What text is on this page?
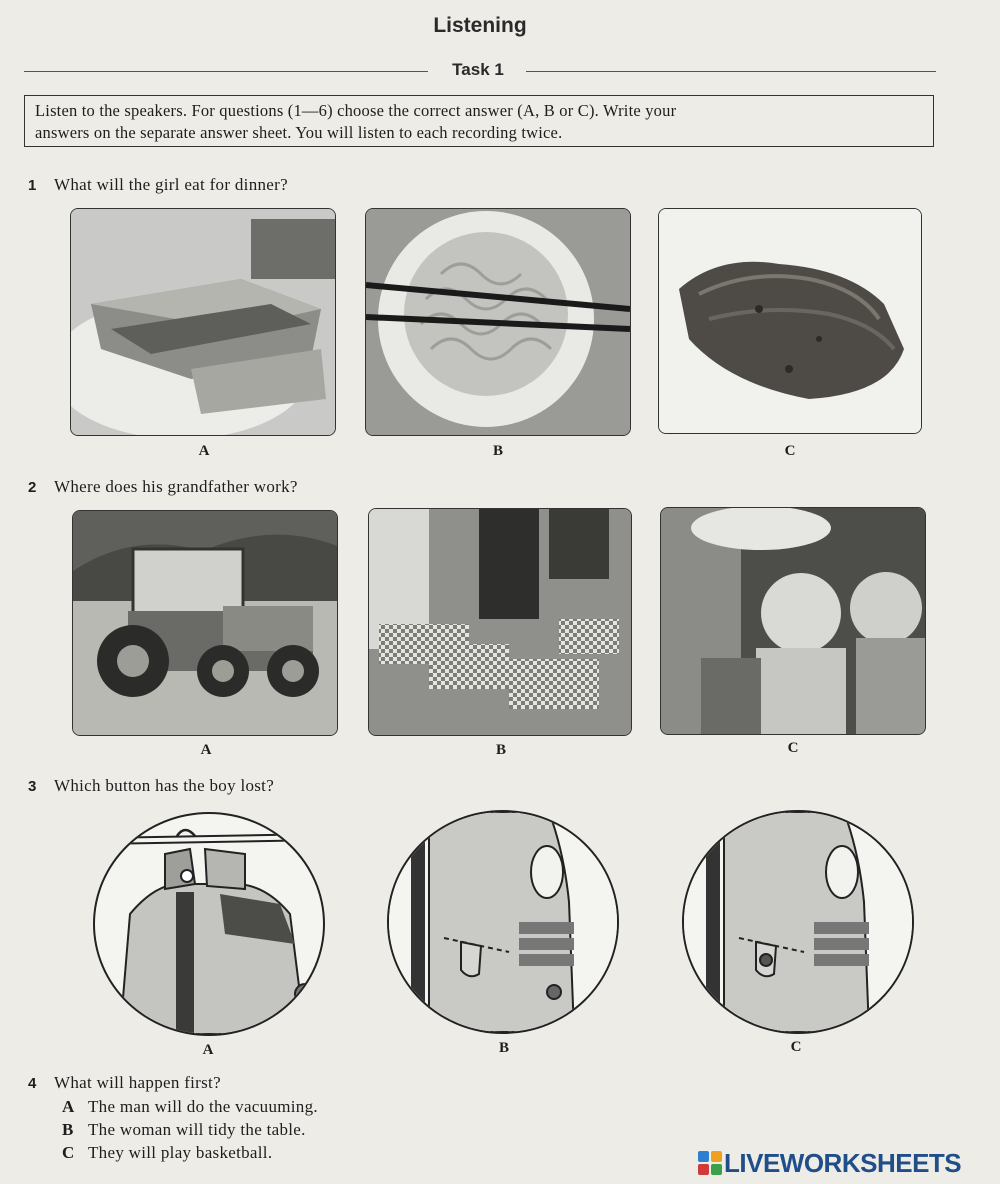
Listening
Task 1
Listen to the speakers. For questions (1—6) choose the correct answer (A, B or C). Write your
answers on the separate answer sheet. You will listen to each recording twice.
1 What will the girl eat for dinner?
A	B	C
2 Where does his grandfather work?
A	B	C
3 Which button has the boy lost?
A	B	C
4 What will happen first?
A The man will do the vacuuming.
B The woman will tidy the table.
C They will play basketball.	LIVEWORKSHEETS
